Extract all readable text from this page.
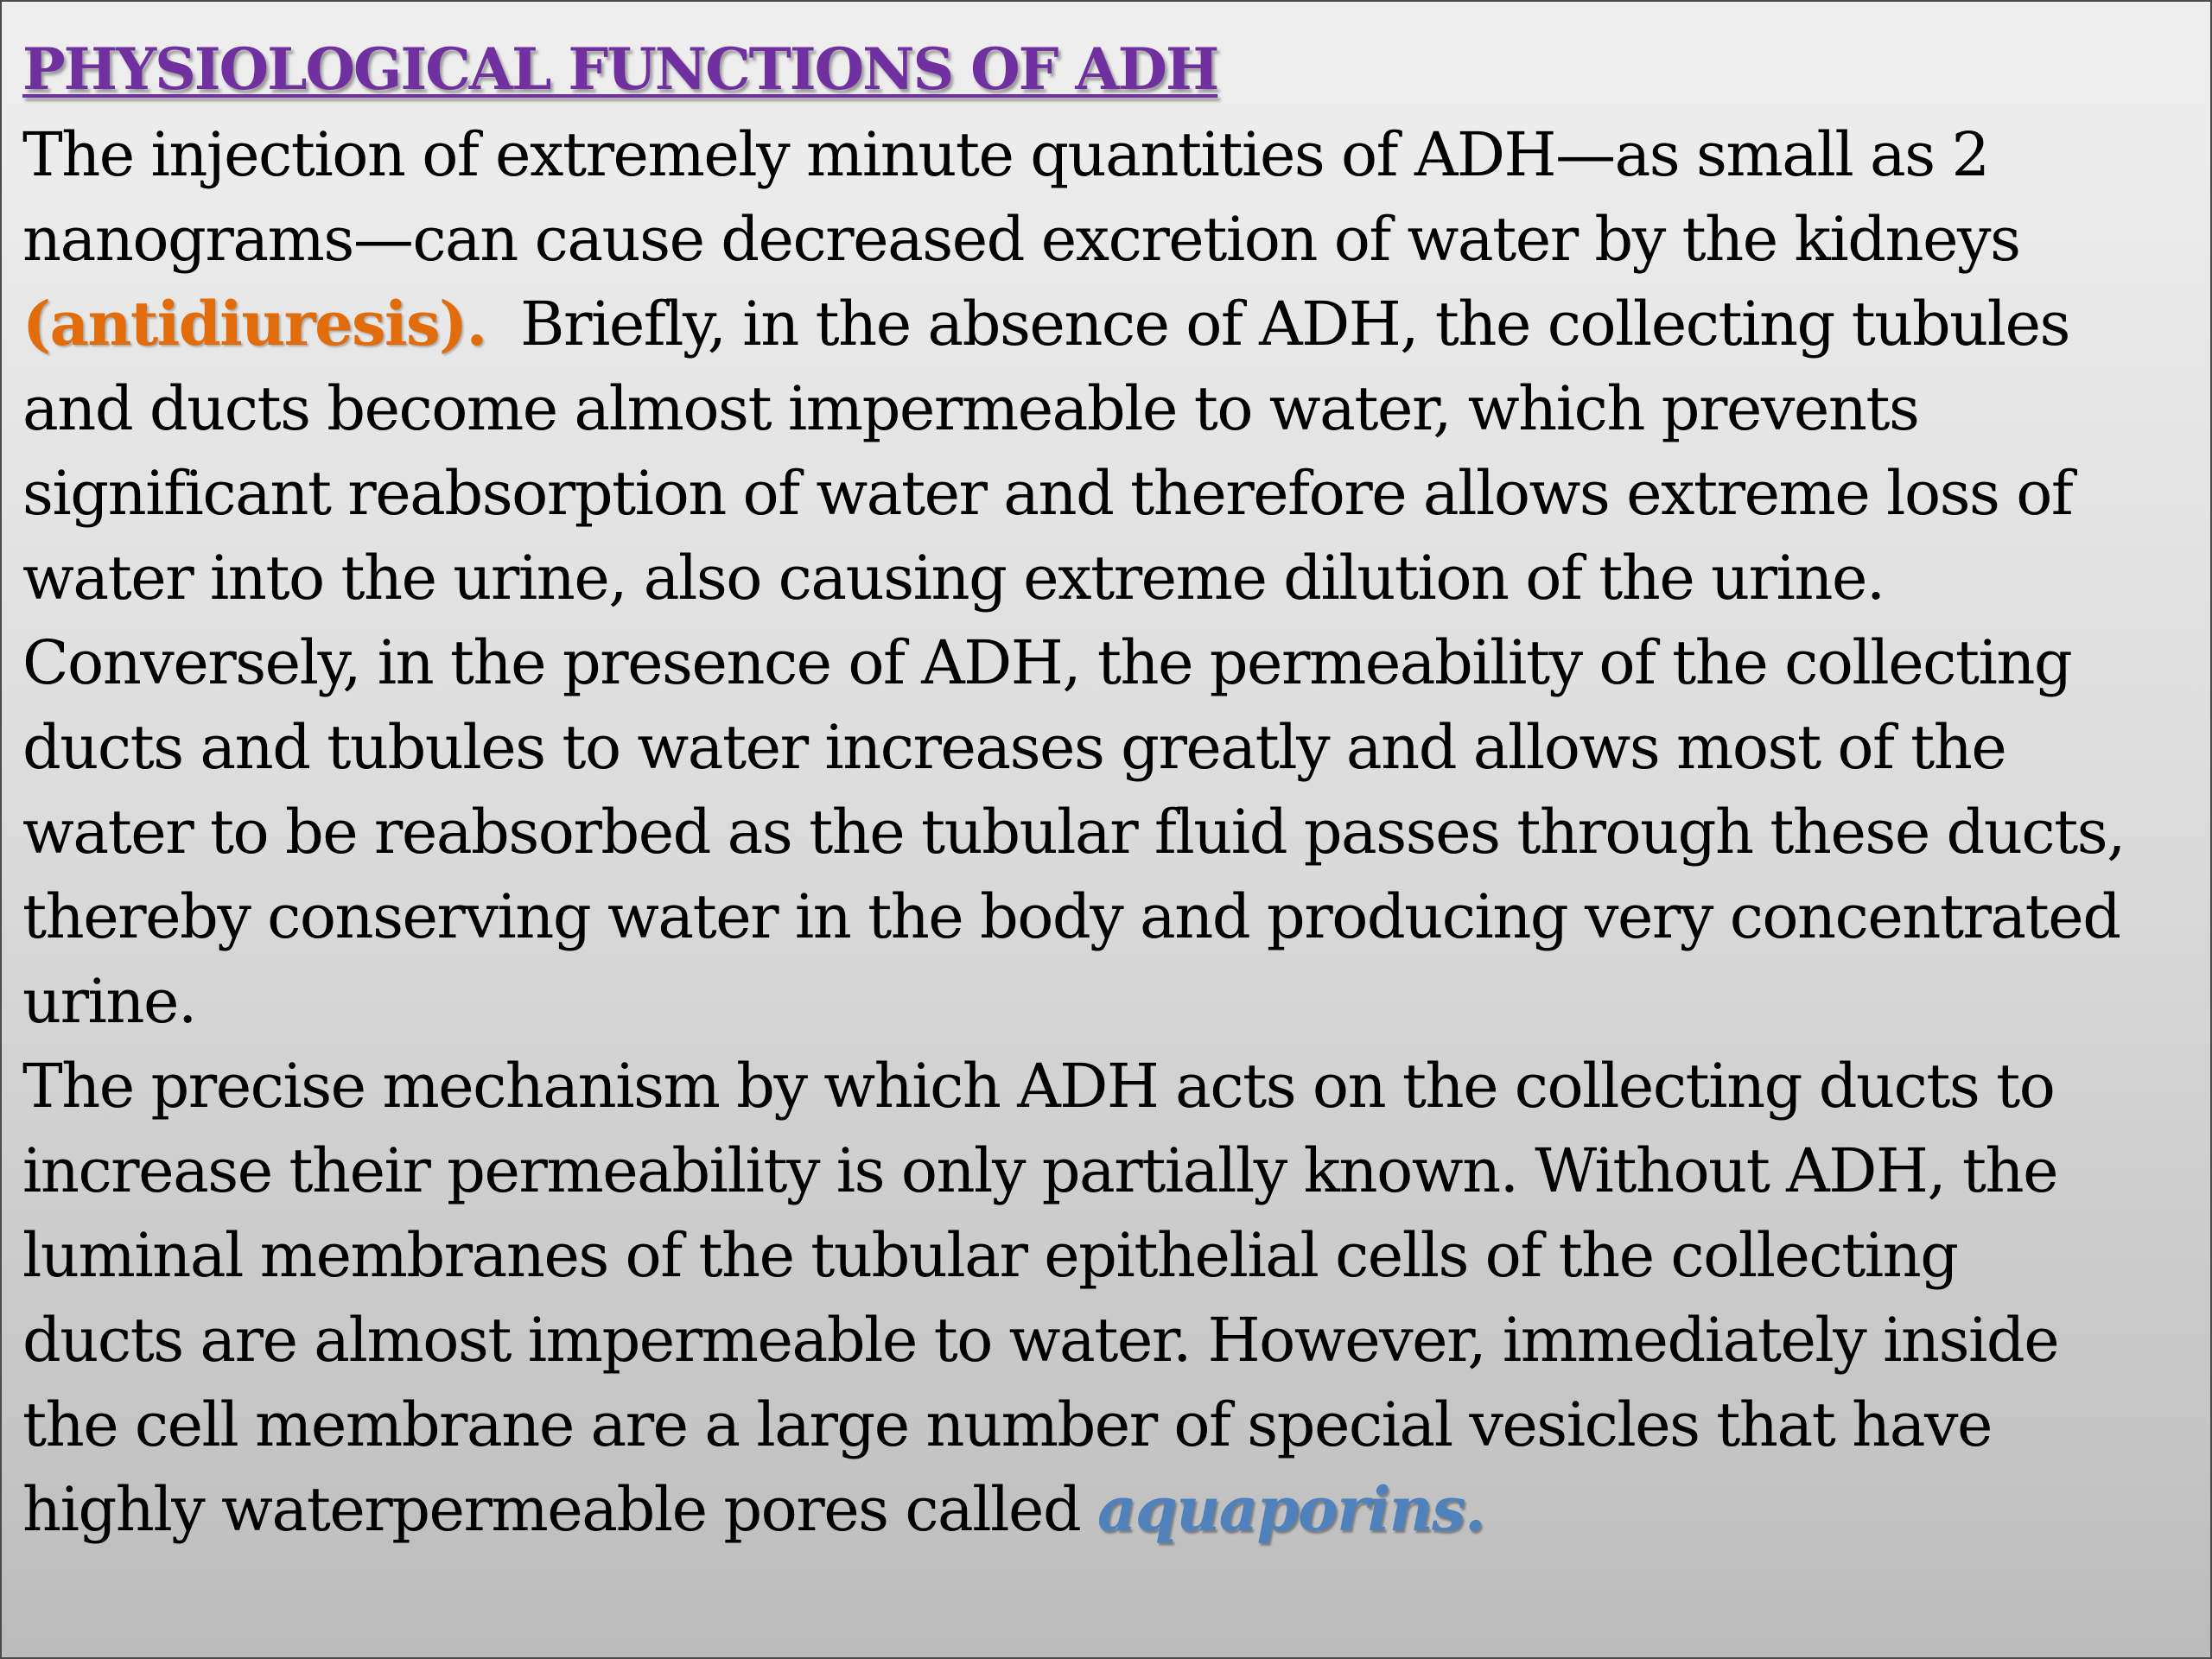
PHYSIOLOGICAL FUNCTIONS OF ADH

The injection of extremely minute quantities of ADH—as small as 2
nanograms—can cause decreased excretion of water by the kidneys
(antidiuresis).  Briefly, in the absence of ADH, the collecting tubules
and ducts become almost impermeable to water, which prevents
significant reabsorption of water and therefore allows extreme loss of
water into the urine, also causing extreme dilution of the urine.
Conversely, in the presence of ADH, the permeability of the collecting
ducts and tubules to water increases greatly and allows most of the
water to be reabsorbed as the tubular fluid passes through these ducts,
thereby conserving water in the body and producing very concentrated
urine.

The precise mechanism by which ADH acts on the collecting ducts to
increase their permeability is only partially known. Without ADH, the
luminal membranes of the tubular epithelial cells of the collecting
ducts are almost impermeable to water. However, immediately inside
the cell membrane are a large number of special vesicles that have
highly waterpermeable pores called aquaporins.
